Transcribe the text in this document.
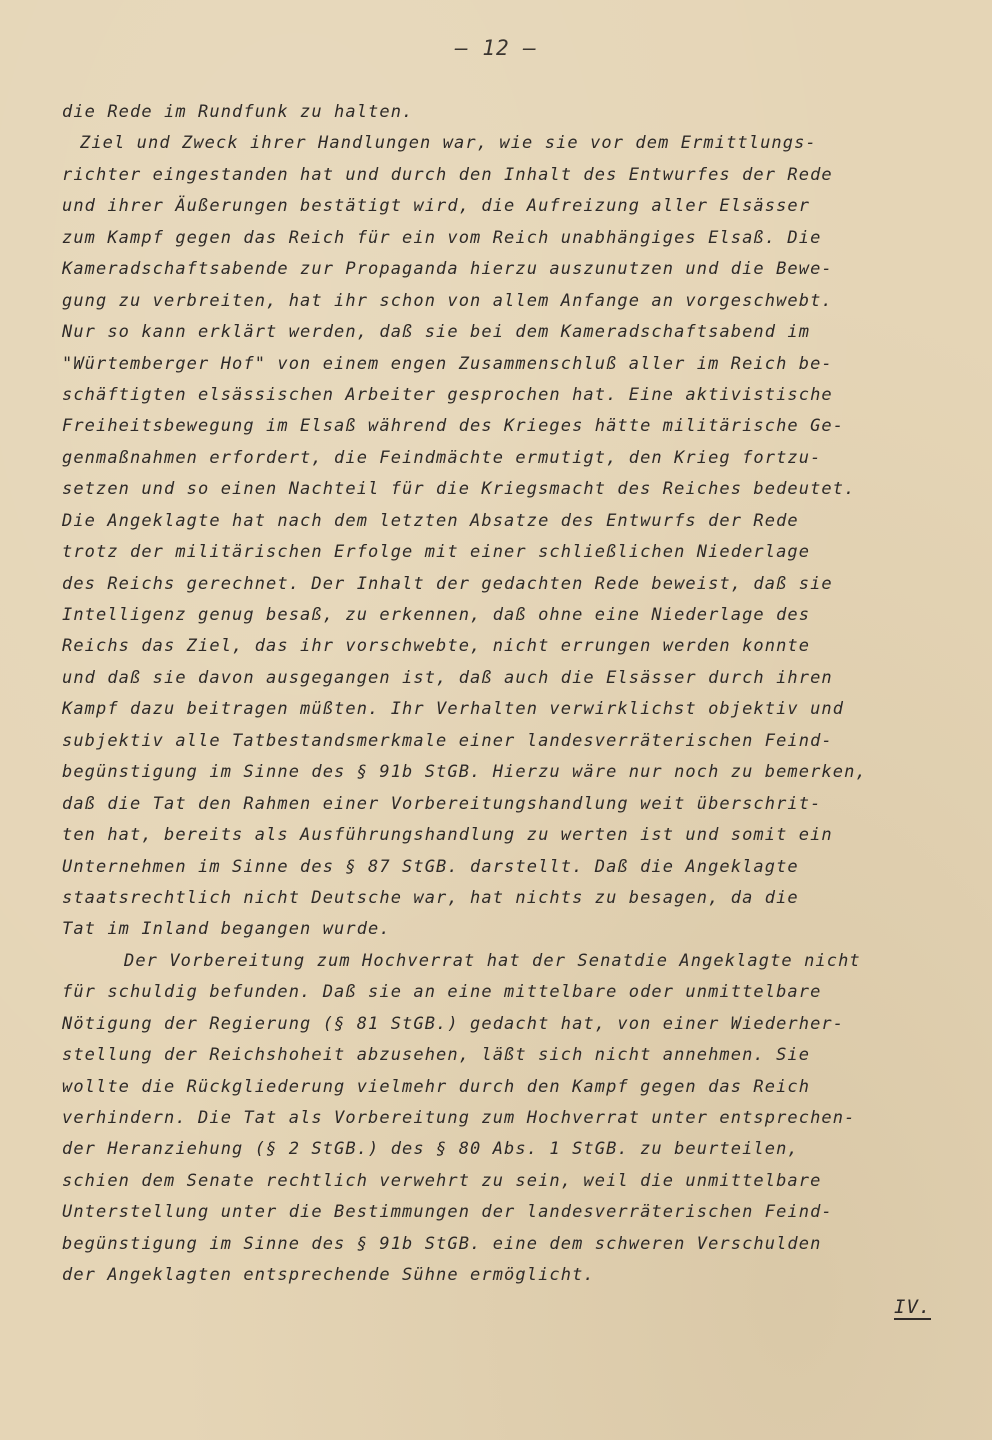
– 12 –
die Rede im Rundfunk zu halten.
Ziel und Zweck ihrer Handlungen war, wie sie vor dem Ermittlungs-
richter eingestanden hat und durch den Inhalt des Entwurfes der Rede
und ihrer Äußerungen bestätigt wird, die Aufreizung aller Elsässer
zum Kampf gegen das Reich für ein vom Reich unabhängiges Elsaß. Die
Kameradschaftsabende zur Propaganda hierzu auszunutzen und die Bewe-
gung zu verbreiten, hat ihr schon von allem Anfange an vorgeschwebt.
Nur so kann erklärt werden, daß sie bei dem Kameradschaftsabend im
"Würtemberger Hof" von einem engen Zusammenschluß aller im Reich be-
schäftigten elsässischen Arbeiter gesprochen hat. Eine aktivistische
Freiheitsbewegung im Elsaß während des Krieges hätte militärische Ge-
genmaßnahmen erfordert, die Feindmächte ermutigt, den Krieg fortzu-
setzen und so einen Nachteil für die Kriegsmacht des Reiches bedeutet.
Die Angeklagte hat nach dem letzten Absatze des Entwurfs der Rede
trotz der militärischen Erfolge mit einer schließlichen Niederlage
des Reichs gerechnet. Der Inhalt der gedachten Rede beweist, daß sie
Intelligenz genug besaß, zu erkennen, daß ohne eine Niederlage des
Reichs das Ziel, das ihr vorschwebte, nicht errungen werden konnte
und daß sie davon ausgegangen ist, daß auch die Elsässer durch ihren
Kampf dazu beitragen müßten. Ihr Verhalten verwirklichst objektiv und
subjektiv alle Tatbestandsmerkmale einer landesverräterischen Feind-
begünstigung im Sinne des § 91b StGB. Hierzu wäre nur noch zu bemerken,
daß die Tat den Rahmen einer Vorbereitungshandlung weit überschrit-
ten hat, bereits als Ausführungshandlung zu werten ist und somit ein
Unternehmen im Sinne des § 87 StGB. darstellt. Daß die Angeklagte
staatsrechtlich nicht Deutsche war, hat nichts zu besagen, da die
Tat im Inland begangen wurde.
Der Vorbereitung zum Hochverrat hat der Senatdie Angeklagte nicht
für schuldig befunden. Daß sie an eine mittelbare oder unmittelbare
Nötigung der Regierung (§ 81 StGB.) gedacht hat, von einer Wiederher-
stellung der Reichshoheit abzusehen, läßt sich nicht annehmen. Sie
wollte die Rückgliederung vielmehr durch den Kampf gegen das Reich
verhindern. Die Tat als Vorbereitung zum Hochverrat unter entsprechen-
der Heranziehung (§ 2 StGB.) des § 80 Abs. 1 StGB. zu beurteilen,
schien dem Senate rechtlich verwehrt zu sein, weil die unmittelbare
Unterstellung unter die Bestimmungen der landesverräterischen Feind-
begünstigung im Sinne des § 91b StGB. eine dem schweren Verschulden
der Angeklagten entsprechende Sühne ermöglicht.
IV.
